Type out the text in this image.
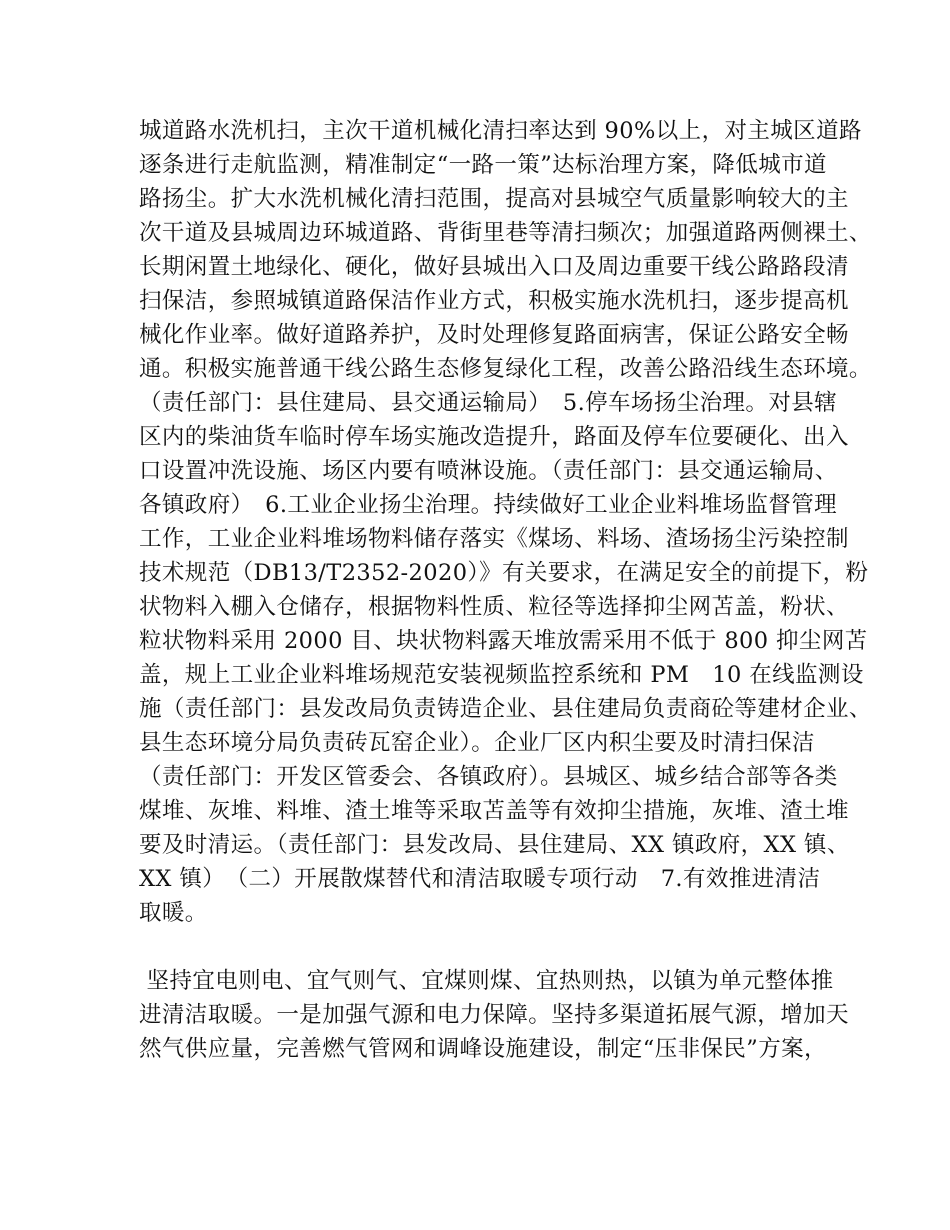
城道路水洗机扫，主次干道机械化清扫率达到 90%以上，对主城区道路
逐条进行走航监测，精准制定“一路一策”达标治理方案，降低城市道
路扬尘。扩大水洗机械化清扫范围，提高对县城空气质量影响较大的主
次干道及县城周边环城道路、背街里巷等清扫频次；加强道路两侧裸土、
长期闲置土地绿化、硬化，做好县城出入口及周边重要干线公路路段清
扫保洁，参照城镇道路保洁作业方式，积极实施水洗机扫，逐步提高机
械化作业率。做好道路养护，及时处理修复路面病害，保证公路安全畅
通。积极实施普通干线公路生态修复绿化工程，改善公路沿线生态环境。
（责任部门：县住建局、县交通运输局）　5.停车场扬尘治理。对县辖
区内的柴油货车临时停车场实施改造提升，路面及停车位要硬化、出入
口设置冲洗设施、场区内要有喷淋设施。（责任部门：县交通运输局、
各镇政府）　6.工业企业扬尘治理。持续做好工业企业料堆场监督管理
工作，工业企业料堆场物料储存落实《煤场、料场、渣场扬尘污染控制
技术规范（DB13/T2352-2020）》有关要求，在满足安全的前提下，粉
状物料入棚入仓储存，根据物料性质、粒径等选择抑尘网苫盖，粉状、
粒状物料采用 2000 目、块状物料露天堆放需采用不低于 800 抑尘网苫
盖，规上工业企业料堆场规范安装视频监控系统和 PM　10 在线监测设
施（责任部门：县发改局负责铸造企业、县住建局负责商砼等建材企业、
县生态环境分局负责砖瓦窑企业）。企业厂区内积尘要及时清扫保洁
（责任部门：开发区管委会、各镇政府）。县城区、城乡结合部等各类
煤堆、灰堆、料堆、渣土堆等采取苫盖等有效抑尘措施，灰堆、渣土堆
要及时清运。（责任部门：县发改局、县住建局、XX 镇政府，XX 镇、
XX 镇）　（二）开展散煤替代和清洁取暖专项行动　7.有效推进清洁
取暖。
坚持宜电则电、宜气则气、宜煤则煤、宜热则热，以镇为单元整体推
进清洁取暖。一是加强气源和电力保障。坚持多渠道拓展气源，增加天
然气供应量，完善燃气管网和调峰设施建设，制定“压非保民”方案，
